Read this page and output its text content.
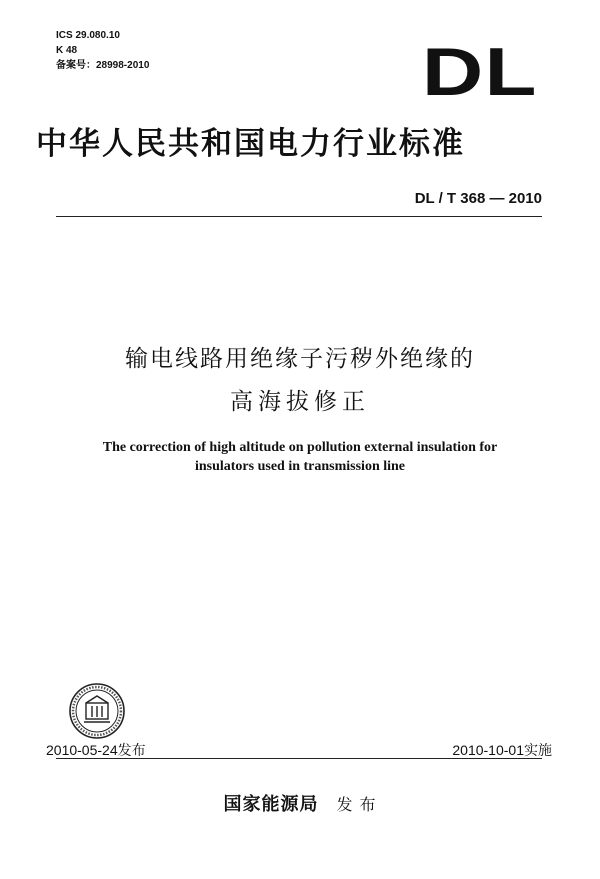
ICS 29.080.10
K 48
备案号：28998-2010	DL
中华人民共和国电力行业标准
DL / T 368 — 2010
输电线路用绝缘子污秽外绝缘的
高海拔修正
The correction of high altitude on pollution external insulation for
insulators used in transmission line
2010-05-24发布	2010-10-01实施
国家能源局 发 布
